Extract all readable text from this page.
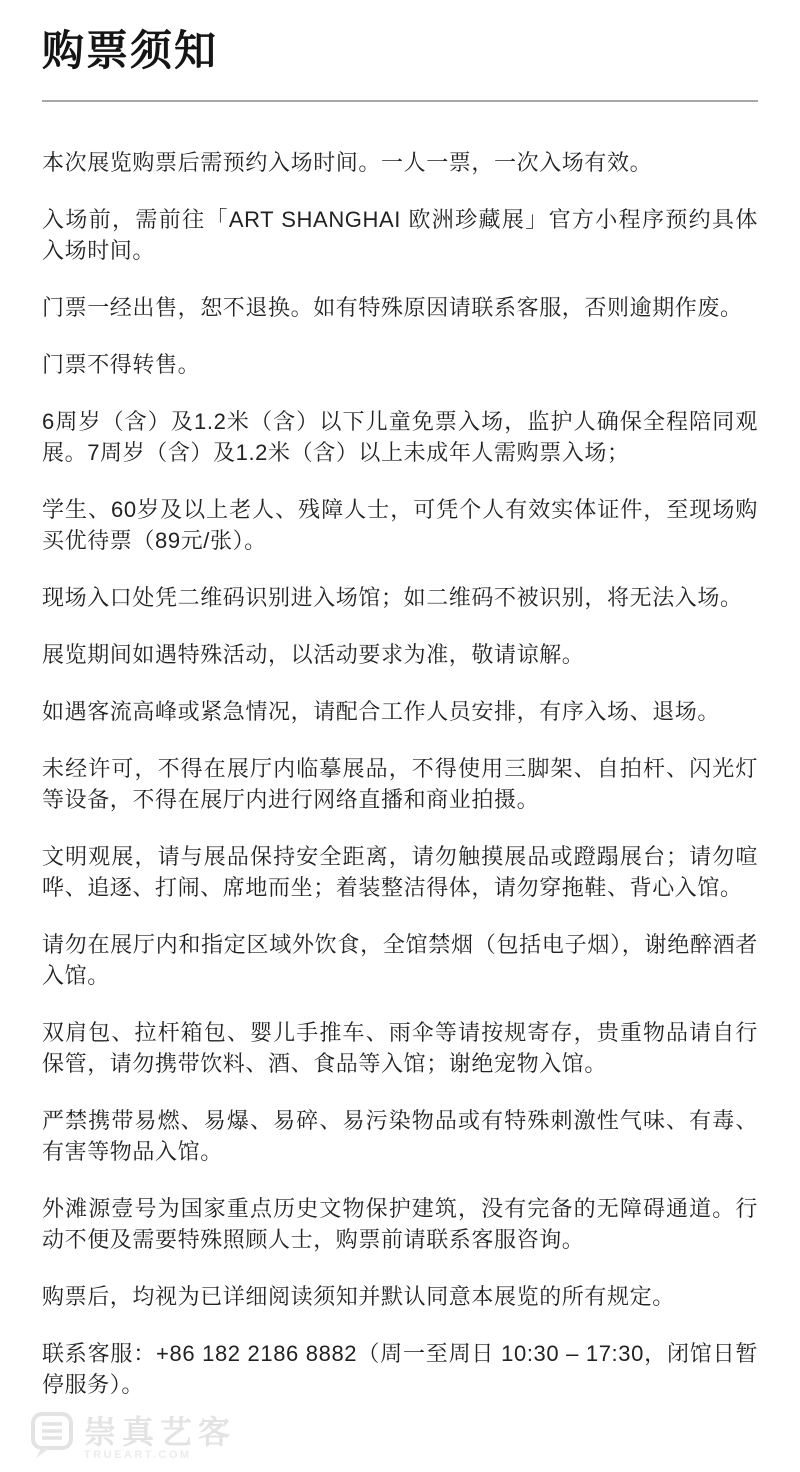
购票须知

本次展览购票后需预约入场时间。一人一票，一次入场有效。

入场前，需前往「ART SHANGHAI 欧洲珍藏展」官方小程序预约具体入场时间。

门票一经出售，恕不退换。如有特殊原因请联系客服，否则逾期作废。

门票不得转售。

6周岁（含）及1.2米（含）以下儿童免票入场，监护人确保全程陪同观展。7周岁（含）及1.2米（含）以上未成年人需购票入场；

学生、60岁及以上老人、残障人士，可凭个人有效实体证件，至现场购买优待票（89元/张）。

现场入口处凭二维码识别进入场馆；如二维码不被识别，将无法入场。

展览期间如遇特殊活动，以活动要求为准，敬请谅解。

如遇客流高峰或紧急情况，请配合工作人员安排，有序入场、退场。

未经许可，不得在展厅内临摹展品，不得使用三脚架、自拍杆、闪光灯等设备，不得在展厅内进行网络直播和商业拍摄。

文明观展，请与展品保持安全距离，请勿触摸展品或蹬蹋展台；请勿喧哗、追逐、打闹、席地而坐；着装整洁得体，请勿穿拖鞋、背心入馆。

请勿在展厅内和指定区域外饮食，全馆禁烟（包括电子烟），谢绝醉酒者入馆。

双肩包、拉杆箱包、婴儿手推车、雨伞等请按规寄存，贵重物品请自行保管，请勿携带饮料、酒、食品等入馆；谢绝宠物入馆。

严禁携带易燃、易爆、易碎、易污染物品或有特殊刺激性气味、有毒、有害等物品入馆。

外滩源壹号为国家重点历史文物保护建筑，没有完备的无障碍通道。行动不便及需要特殊照顾人士，购票前请联系客服咨询。

购票后，均视为已详细阅读须知并默认同意本展览的所有规定。

联系客服：+86 182 2186 8882（周一至周日 10:30 – 17:30，闭馆日暂停服务）。

崇真艺客
TRUEART.COM
